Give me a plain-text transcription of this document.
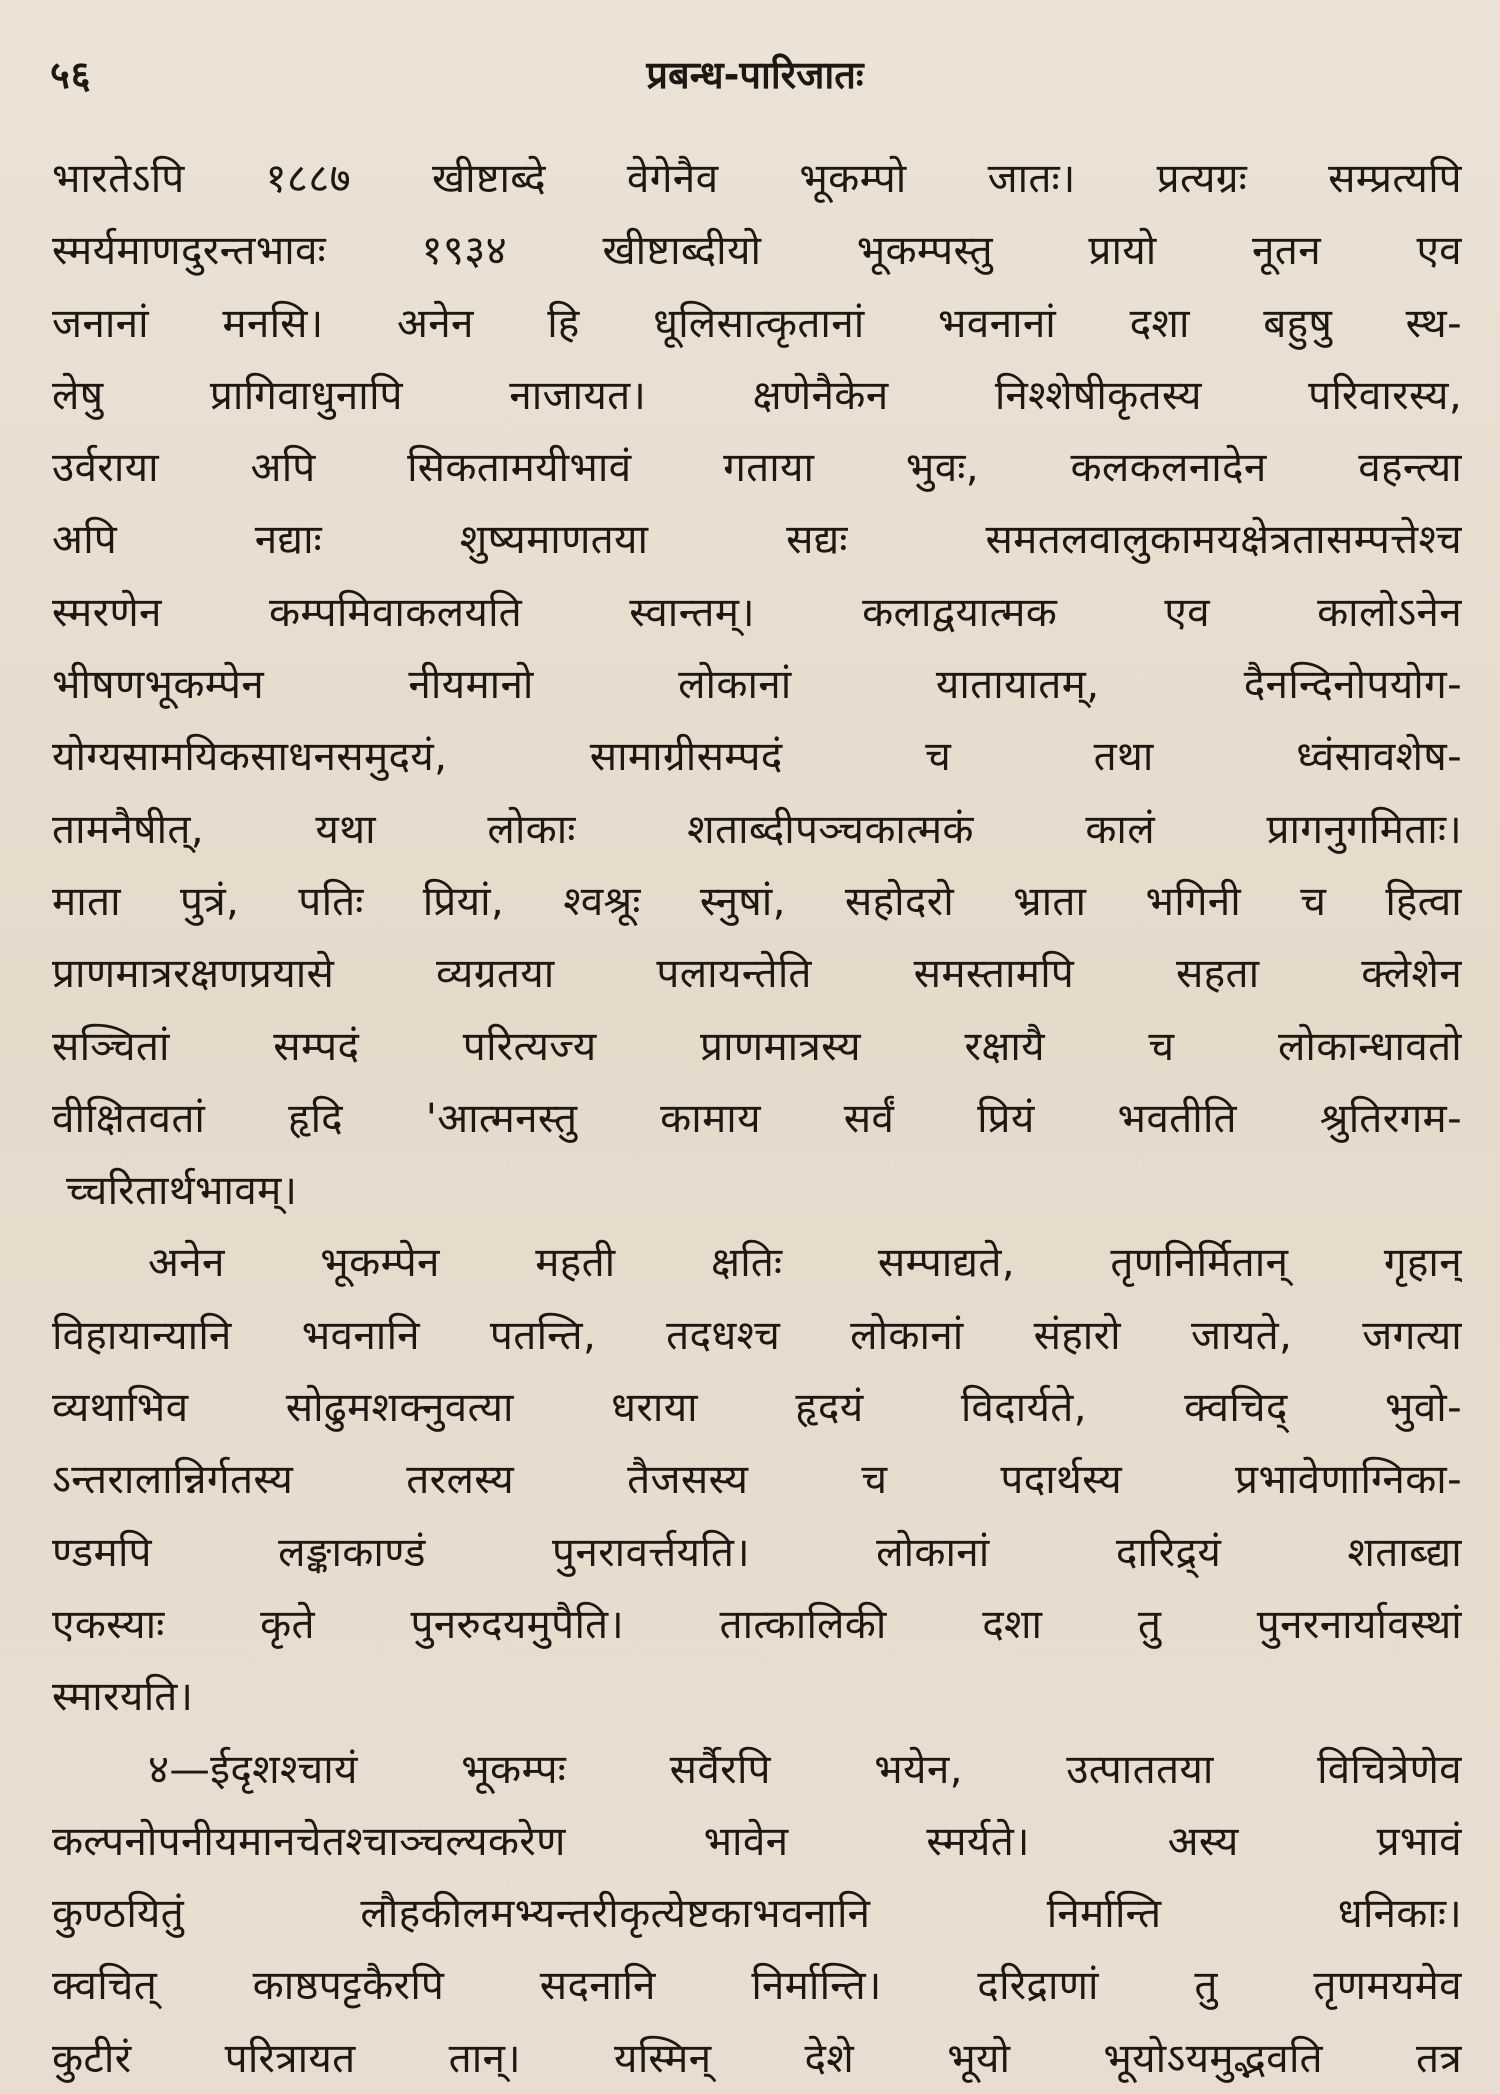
५६	प्रबन्ध-पारिजातः
भारतेऽपि १८८७ खीष्टाब्दे वेगेनैव भूकम्पो जातः। प्रत्यग्रः सम्प्रत्यपि
स्मर्यमाणदुरन्तभावः १९३४ खीष्टाब्दीयो भूकम्पस्तु प्रायो नूतन एव
जनानां मनसि। अनेन हि धूलिसात्कृतानां भवनानां दशा बहुषु स्थ-
लेषु प्रागिवाधुनापि नाजायत। क्षणेनैकेन निश्शेषीकृतस्य परिवारस्य,
उर्वराया अपि सिकतामयीभावं गताया भुवः, कलकलनादेन वहन्त्या
अपि नद्याः शुष्यमाणतया सद्यः समतलवालुकामयक्षेत्रतासम्पत्तेश्च
स्मरणेन कम्पमिवाकलयति स्वान्तम्। कलाद्वयात्मक एव कालोऽनेन
भीषणभूकम्पेन नीयमानो लोकानां यातायातम्, दैनन्दिनोपयोग-
योग्यसामयिकसाधनसमुदयं, सामाग्रीसम्पदं च तथा ध्वंसावशेष-
तामनैषीत्, यथा लोकाः शताब्दीपञ्चकात्मकं कालं प्रागनुगमिताः।
माता पुत्रं, पतिः प्रियां, श्वश्रूः स्नुषां, सहोदरो भ्राता भगिनी च हित्वा
प्राणमात्ररक्षणप्रयासे व्यग्रतया पलायन्तेति समस्तामपि सहता क्लेशेन
सञ्चितां सम्पदं परित्यज्य प्राणमात्रस्य रक्षायै च लोकान्धावतो
वीक्षितवतां हृदि 'आत्मनस्तु कामाय सर्वं प्रियं भवतीति श्रुतिरगम-
च्चरितार्थभावम्।
अनेन भूकम्पेन महती क्षतिः सम्पाद्यते, तृणनिर्मितान् गृहान्
विहायान्यानि भवनानि पतन्ति, तदधश्च लोकानां संहारो जायते, जगत्या
व्यथाभिव सोढुमशक्नुवत्या धराया हृदयं विदार्यते, क्वचिद् भुवो-
ऽन्तरालान्निर्गतस्य तरलस्य तैजसस्य च पदार्थस्य प्रभावेणाग्निका-
ण्डमपि लङ्काकाण्डं पुनरावर्त्तयति। लोकानां दारिद्र्यं शताब्द्या
एकस्याः कृते पुनरुदयमुपैति। तात्कालिकी दशा तु पुनरनार्यावस्थां
स्मारयति।
४—ईदृशश्चायं भूकम्पः सर्वैरपि भयेन, उत्पाततया विचित्रेणेव
कल्पनोपनीयमानचेतश्चाञ्चल्यकरेण भावेन स्मर्यते। अस्य प्रभावं
कुण्ठयितुं लौहकीलमभ्यन्तरीकृत्येष्टकाभवनानि निर्मान्ति धनिकाः।
क्वचित् काष्ठपट्टकैरपि सदनानि निर्मान्ति। दरिद्राणां तु तृणमयमेव
कुटीरं परित्रायत तान्। यस्मिन् देशे भूयो भूयोऽयमुद्भवति तत्र
